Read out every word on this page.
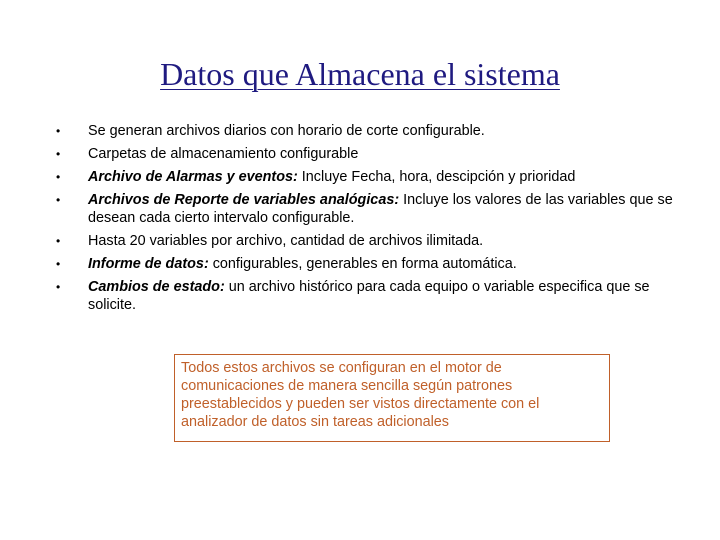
Datos que Almacena el sistema
•	Se generan archivos diarios con horario de corte configurable.
•	Carpetas de almacenamiento configurable
•	Archivo de Alarmas y eventos: Incluye Fecha, hora, descipción y prioridad
•	Archivos de Reporte de variables analógicas: Incluye los valores de las variables que se desean cada cierto intervalo configurable.
•	Hasta 20 variables por archivo, cantidad de archivos ilimitada.
•	Informe de datos: configurables, generables en forma automática.
•	Cambios de estado: un archivo histórico para cada equipo o variable especifica que se solicite.
Todos estos archivos se configuran en el motor de comunicaciones de manera sencilla según patrones preestablecidos y pueden ser vistos directamente con el analizador de datos sin tareas adicionales
